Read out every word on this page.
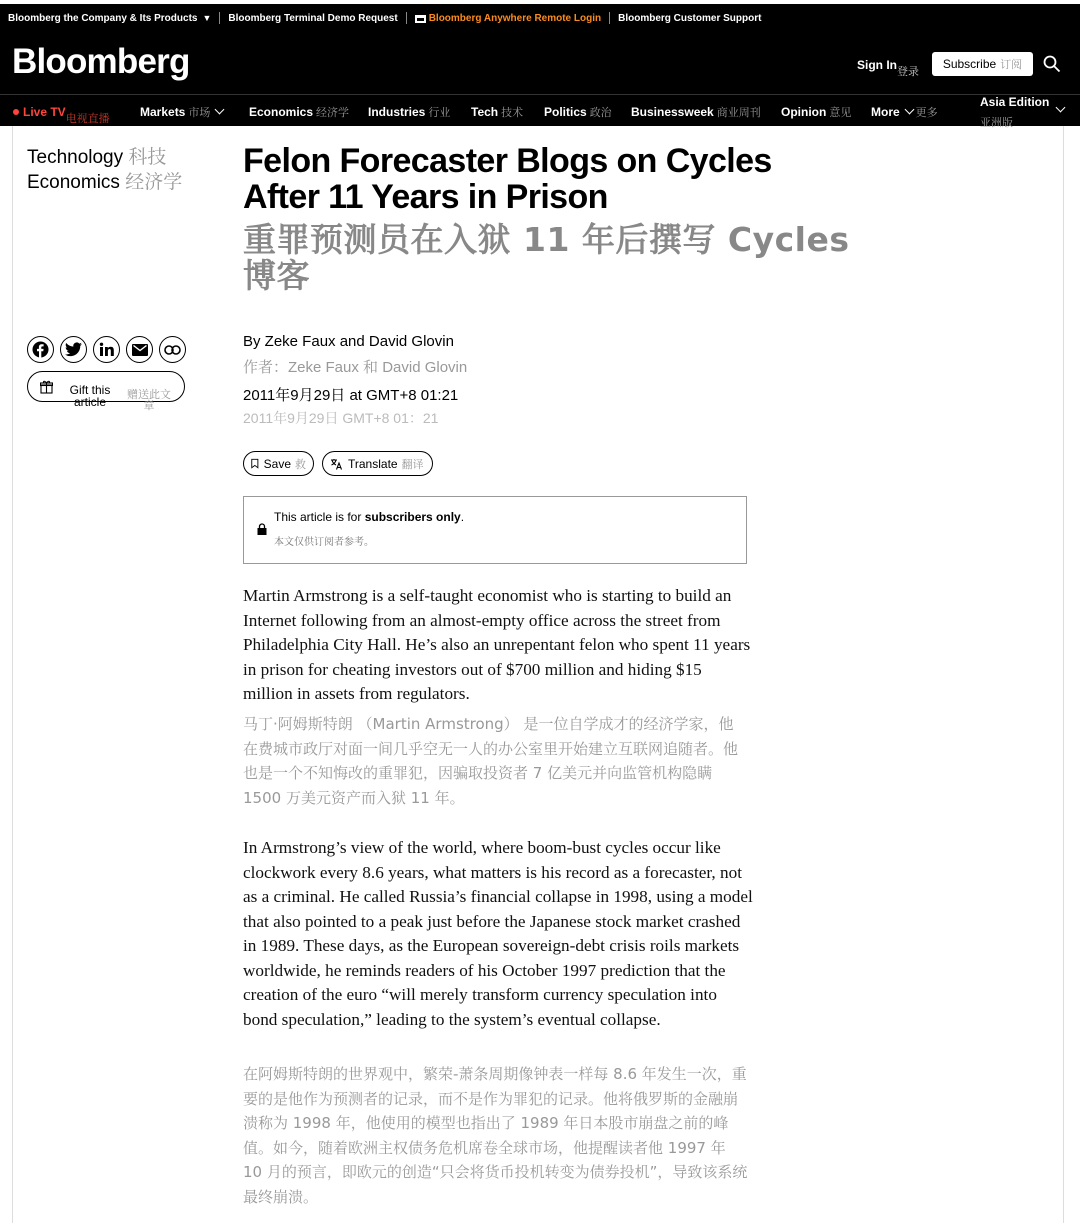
Bloomberg the Company & Its Products ▼ Bloomberg Terminal Demo Request	Bloomberg Anywhere Remote Login Bloomberg Customer Support
Bloomberg	Sign In登录
Subscribe 订阅
Live TV电视直播	Markets 市场	Economics 经济学 Industries 行业 Tech 技术 Politics 政治 Businessweek 商业周刊 Opinion 意见 More 更多
Asia Edition
亚洲版
Technology 科技
Economics 经济学
Gift this article	赠送此文章
Felon Forecaster Blogs on Cycles After 11 Years in Prison
重罪预测员在入狱 11 年后撰写 Cycles 博客
By Zeke Faux and David Glovin
作者：Zeke Faux 和 David Glovin
2011年9月29日 at GMT+8 01:21
2011年9月29日 GMT+8 01：21
Save 救	Translate 翻译
This article is for subscribers only.
本文仅供订阅者参考。

Martin Armstrong is a self-taught economist who is starting to build an Internet following from an almost-empty office across the street from Philadelphia City Hall. He’s also an unrepentant felon who spent 11 years in prison for cheating investors out of $700 million and hiding $15 million in assets from regulators.

马丁·阿姆斯特朗 （Martin Armstrong） 是一位自学成才的经济学家，他在费城市政厅对面一间几乎空无一人的办公室里开始建立互联网追随者。他也是一个不知悔改的重罪犯，因骗取投资者 7 亿美元并向监管机构隐瞒 1500 万美元资产而入狱 11 年。

In Armstrong’s view of the world, where boom-bust cycles occur like clockwork every 8.6 years, what matters is his record as a forecaster, not as a criminal. He called Russia’s financial collapse in 1998, using a model that also pointed to a peak just before the Japanese stock market crashed in 1989. These days, as the European sovereign-debt crisis roils markets worldwide, he reminds readers of his October 1997 prediction that the creation of the euro “will merely transform currency speculation into bond speculation,” leading to the system’s eventual collapse.

在阿姆斯特朗的世界观中，繁荣-萧条周期像钟表一样每 8.6 年发生一次，重要的是他作为预测者的记录，而不是作为罪犯的记录。他将俄罗斯的金融崩溃称为 1998 年，他使用的模型也指出了 1989 年日本股市崩盘之前的峰值。如今，随着欧洲主权债务危机席卷全球市场，他提醒读者他 1997 年 10 月的预言，即欧元的创造“只会将货币投机转变为债券投机”，导致该系统最终崩溃。
